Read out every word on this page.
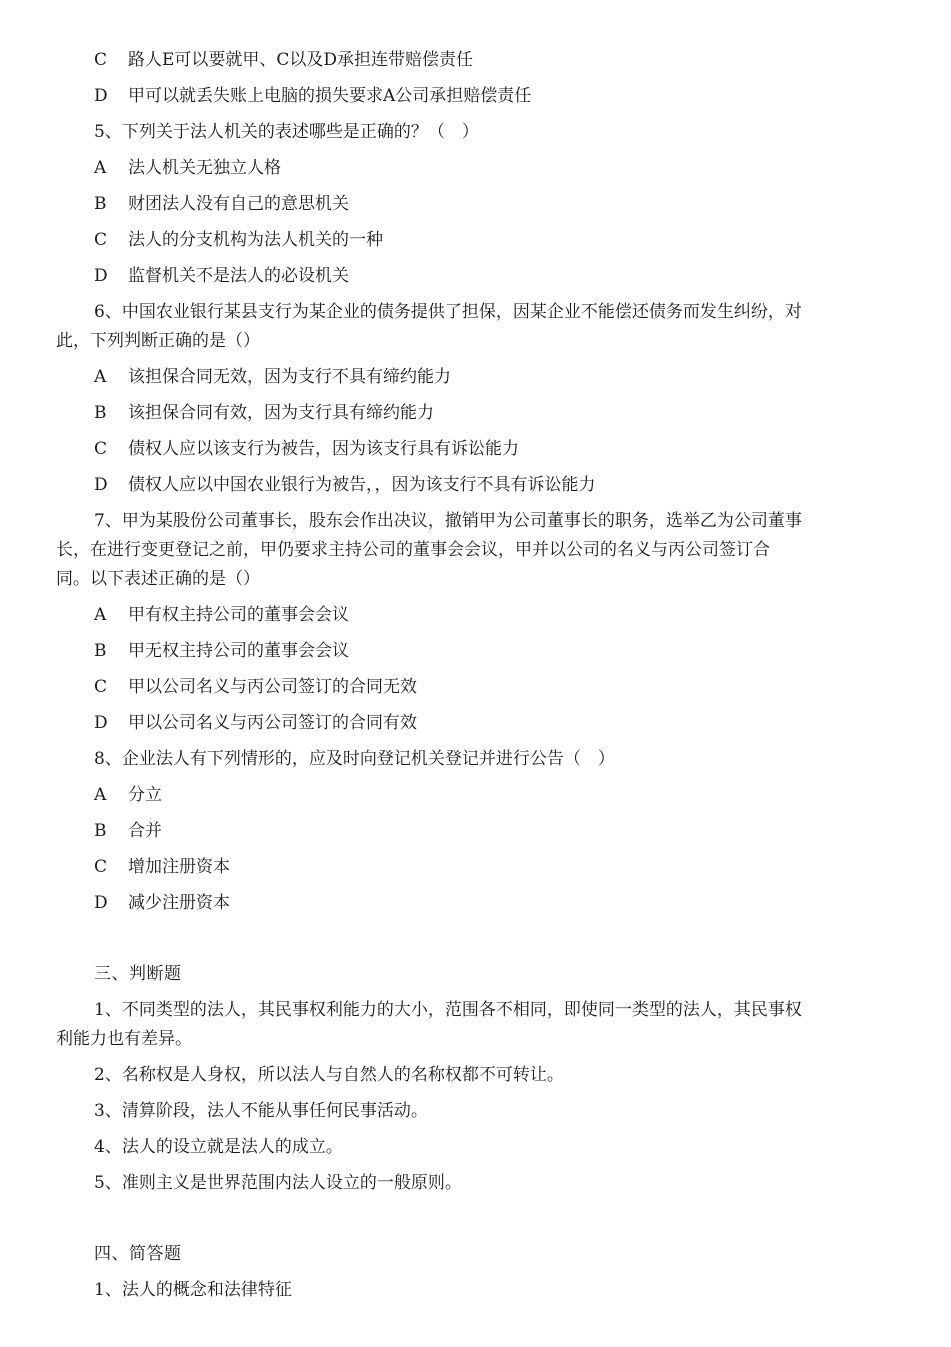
C 路人E可以要就甲、C以及D承担连带赔偿责任
D 甲可以就丢失账上电脑的损失要求A公司承担赔偿责任
5、下列关于法人机关的表述哪些是正确的？（　）
A 法人机关无独立人格
B 财团法人没有自己的意思机关
C 法人的分支机构为法人机关的一种
D 监督机关不是法人的必设机关
6、中国农业银行某县支行为某企业的债务提供了担保，因某企业不能偿还债务而发生纠纷，对
此，下列判断正确的是（）
A 该担保合同无效，因为支行不具有缔约能力
B 该担保合同有效，因为支行具有缔约能力
C 债权人应以该支行为被告，因为该支行具有诉讼能力
D 债权人应以中国农业银行为被告，，因为该支行不具有诉讼能力
7、甲为某股份公司董事长，股东会作出决议，撤销甲为公司董事长的职务，选举乙为公司董事
长，在进行变更登记之前，甲仍要求主持公司的董事会会议，甲并以公司的名义与丙公司签订合
同。以下表述正确的是（）
A 甲有权主持公司的董事会会议
B 甲无权主持公司的董事会会议
C 甲以公司名义与丙公司签订的合同无效
D 甲以公司名义与丙公司签订的合同有效
8、企业法人有下列情形的，应及时向登记机关登记并进行公告（　）
A 分立
B 合并
C 增加注册资本
D 减少注册资本
三、判断题
1、不同类型的法人，其民事权利能力的大小，范围各不相同，即使同一类型的法人，其民事权
利能力也有差异。
2、名称权是人身权，所以法人与自然人的名称权都不可转让。
3、清算阶段，法人不能从事任何民事活动。
4、法人的设立就是法人的成立。
5、准则主义是世界范围内法人设立的一般原则。
四、简答题
1、法人的概念和法律特征
